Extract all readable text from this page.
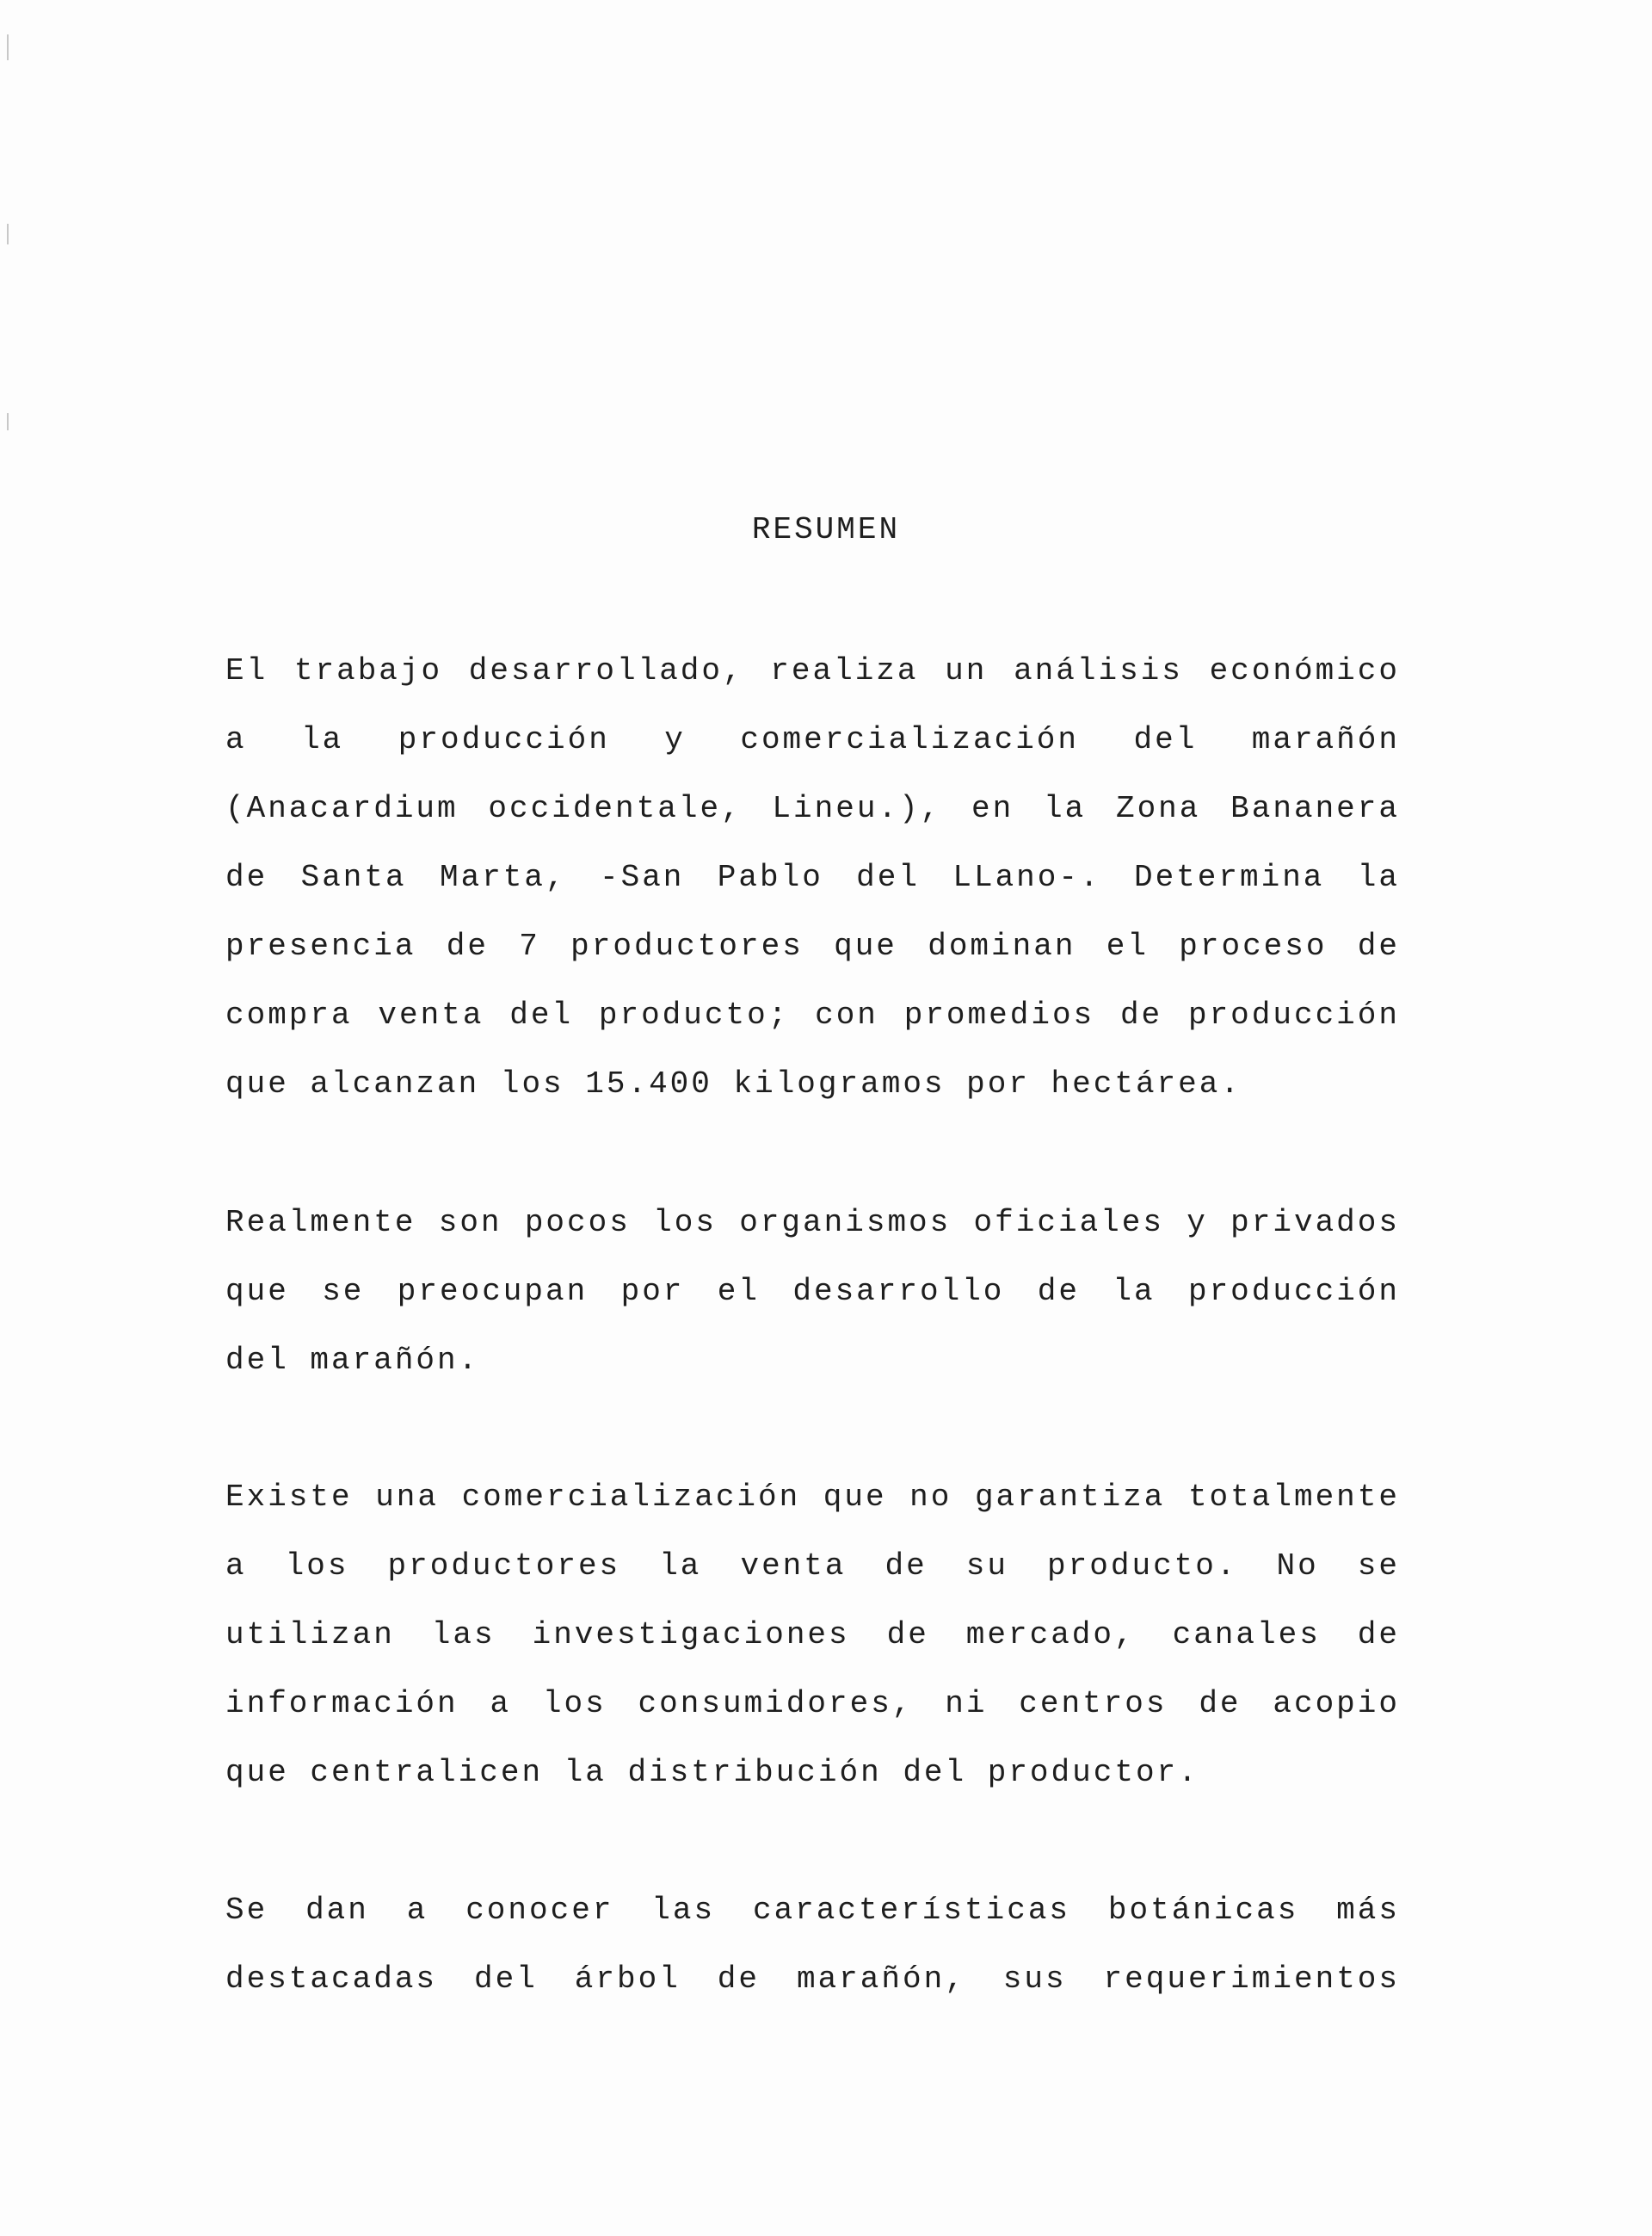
RESUMEN
El trabajo desarrollado, realiza un análisis económico
a la producción y comercialización del marañón
(Anacardium occidentale, Lineu.), en la Zona Bananera
de Santa Marta, -San Pablo del LLano-. Determina la
presencia de 7 productores que dominan el proceso de
compra venta del producto; con promedios de producción
que alcanzan los 15.400 kilogramos por hectárea.
Realmente son pocos los organismos oficiales y privados
que se preocupan por el desarrollo de la producción
del marañón.
Existe una comercialización que no garantiza totalmente
a los productores la venta de su producto. No se
utilizan las investigaciones de mercado, canales de
información a los consumidores, ni centros de acopio
que centralicen la distribución del productor.
Se dan a conocer las características botánicas más
destacadas del árbol de marañón, sus requerimientos
